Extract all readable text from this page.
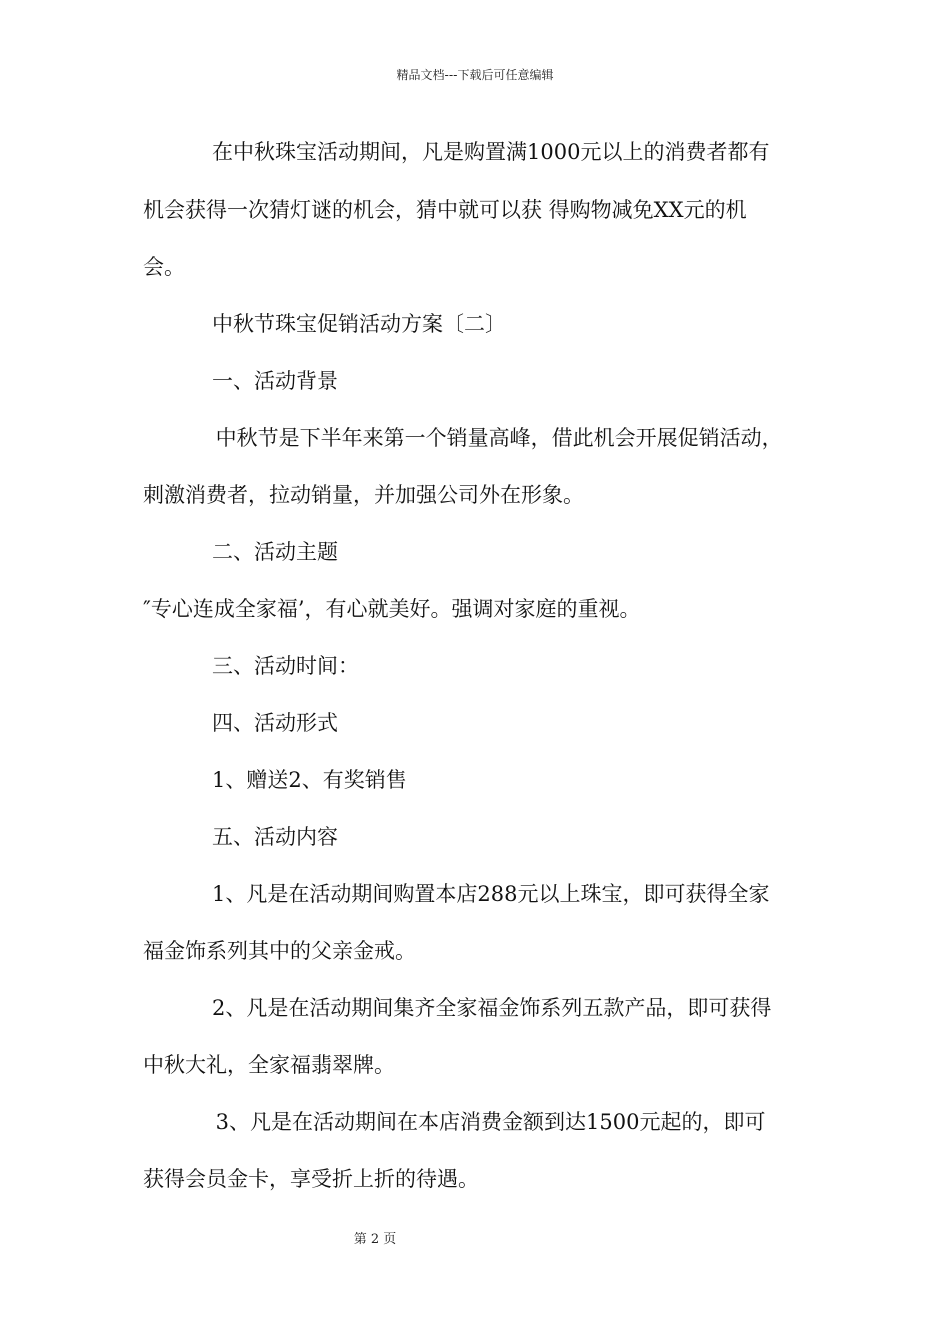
精品文档---下载后可任意编辑

在中秋珠宝活动期间，凡是购置满1000元以上的消费者都有

机会获得一次猜灯谜的机会，猜中就可以获 得购物减免XX元的机

会。

中秋节珠宝促销活动方案〔二〕

一、活动背景

中秋节是下半年来第一个销量高峰，借此机会开展促销活动，

刺激消费者，拉动销量，并加强公司外在形象。

二、活动主题

″专心连成全家福’，有心就美好。强调对家庭的重视。

三、活动时间：

四、活动形式

1、赠送2、有奖销售

五、活动内容

1、凡是在活动期间购置本店288元以上珠宝，即可获得全家

福金饰系列其中的父亲金戒。

2、凡是在活动期间集齐全家福金饰系列五款产品，即可获得

中秋大礼，全家福翡翠牌。

3、凡是在活动期间在本店消费金额到达1500元起的，即可

获得会员金卡，享受折上折的待遇。

第 2 页
